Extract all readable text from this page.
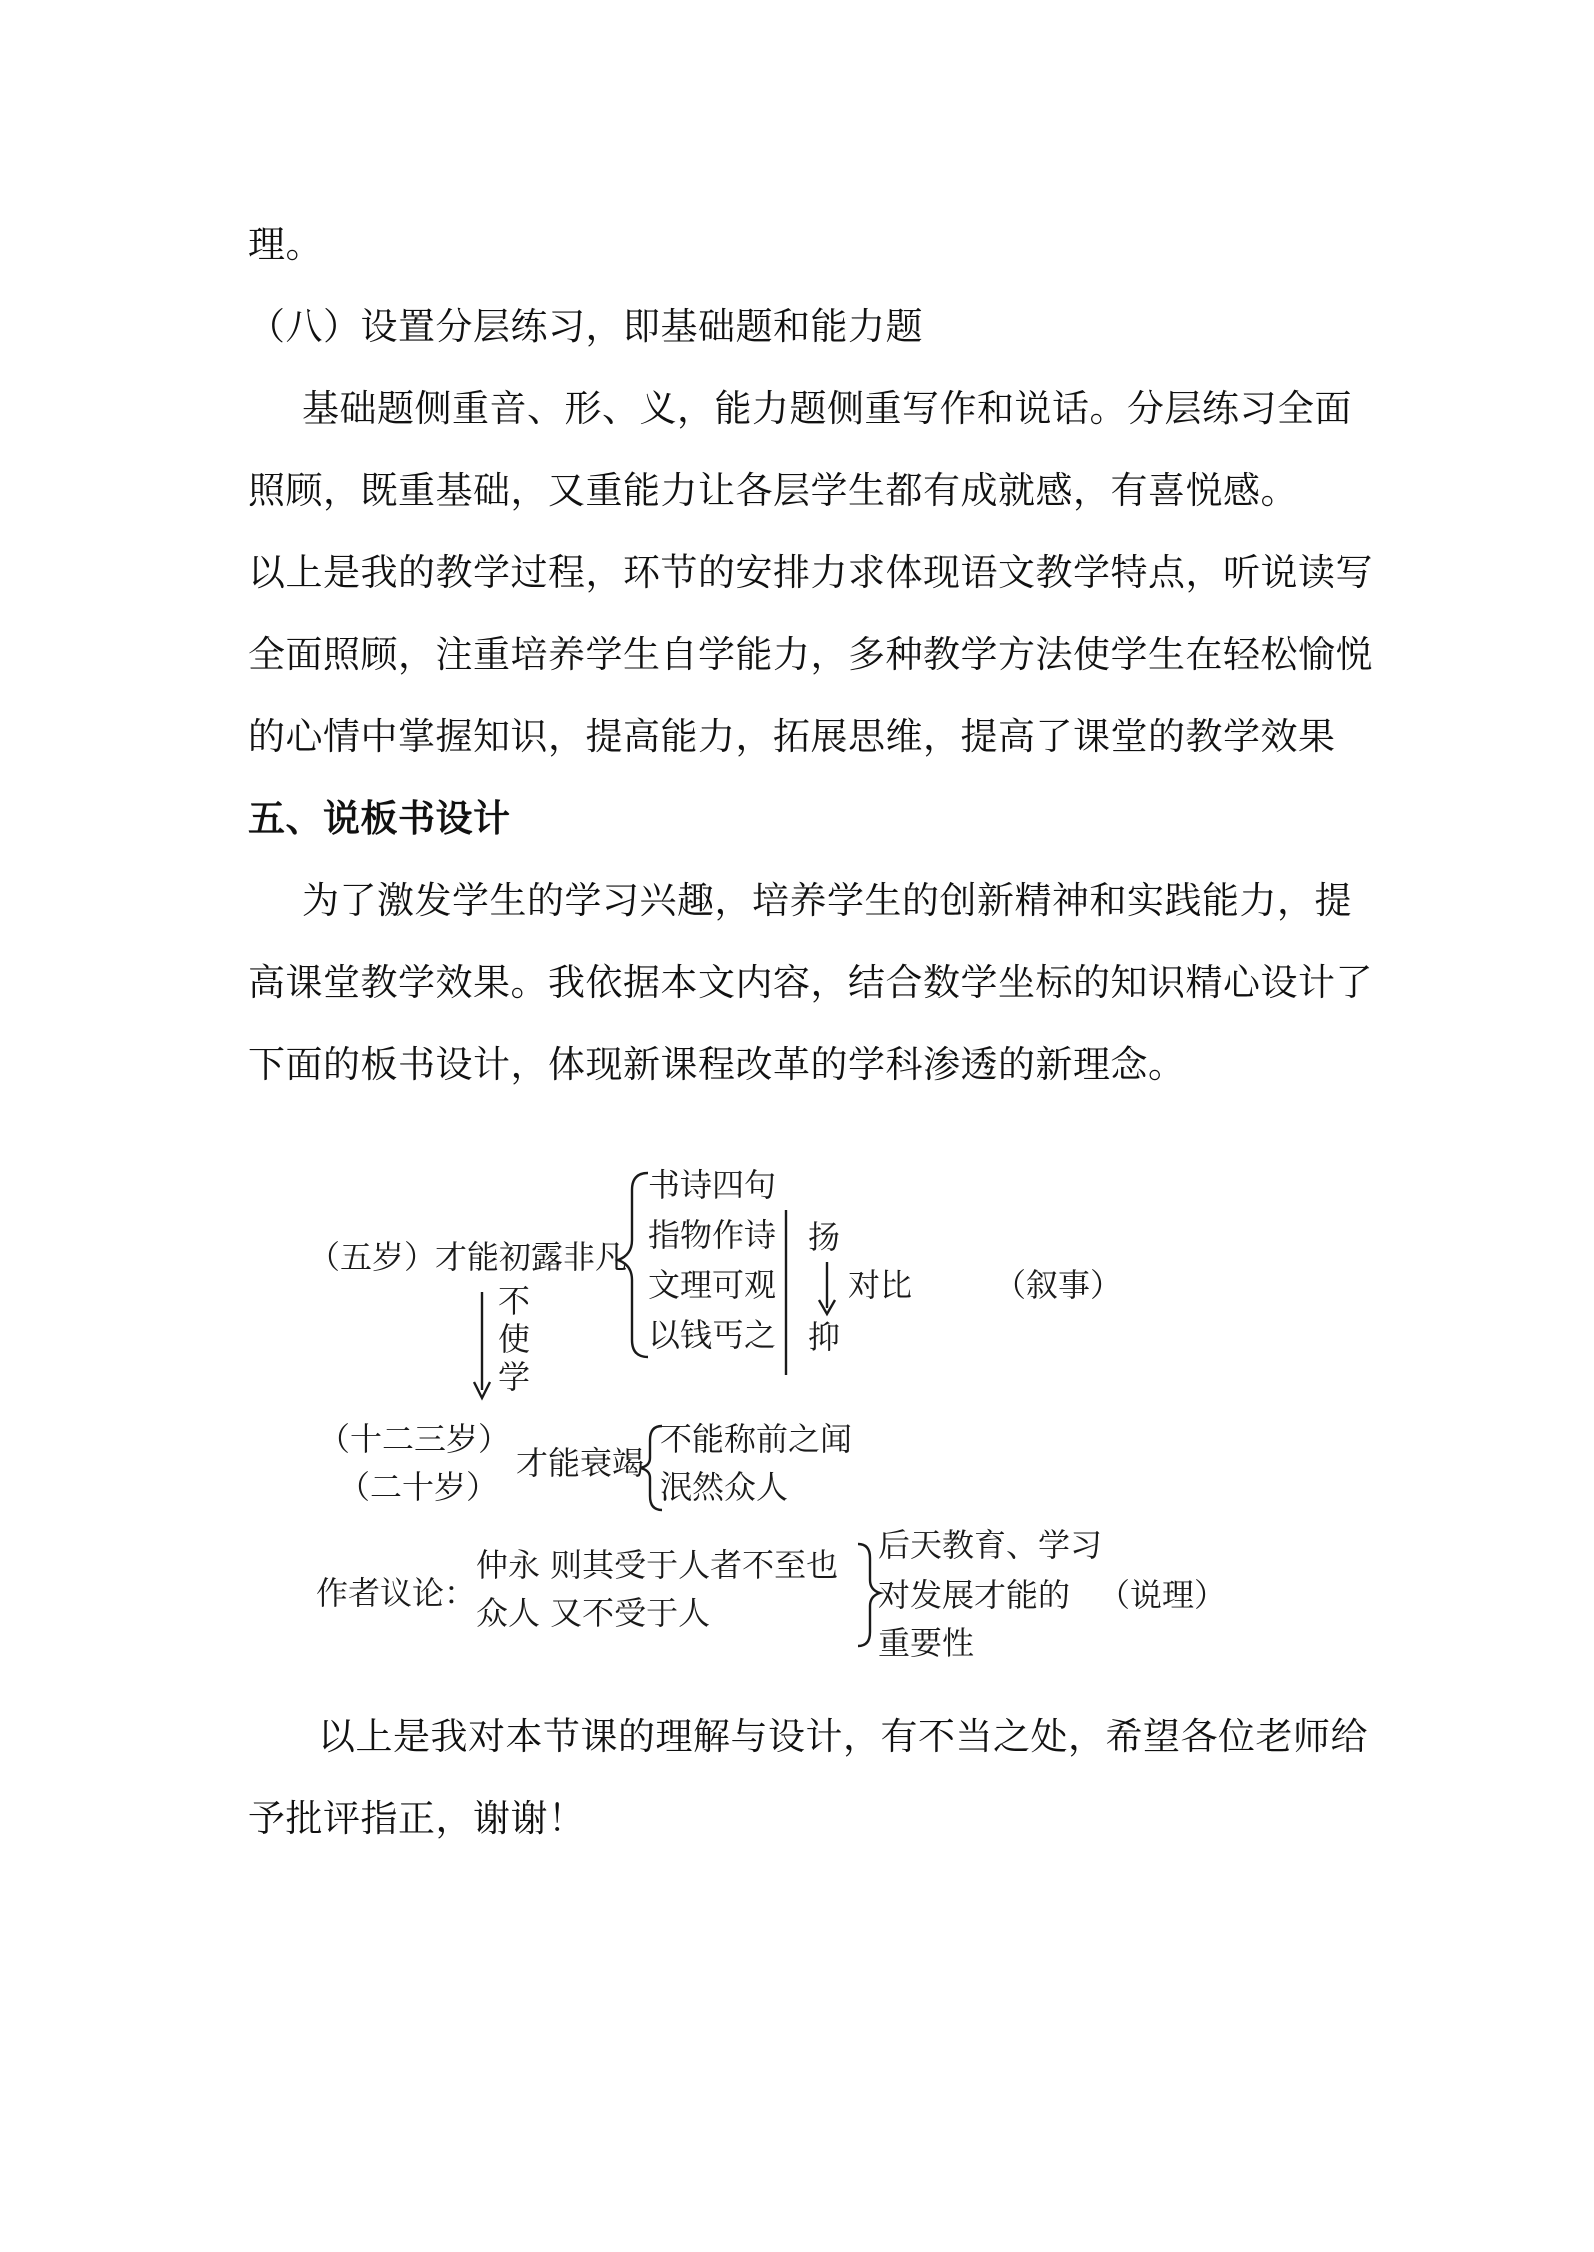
理。

（八）设置分层练习，即基础题和能力题

基础题侧重音、形、义，能力题侧重写作和说话。分层练习全面

照顾，既重基础，又重能力让各层学生都有成就感，有喜悦感。

以上是我的教学过程，环节的安排力求体现语文教学特点，听说读写

全面照顾，注重培养学生自学能力，多种教学方法使学生在轻松愉悦

的心情中掌握知识，提高能力，拓展思维，提高了课堂的教学效果

五、说板书设计

为了激发学生的学习兴趣，培养学生的创新精神和实践能力，提

高课堂教学效果。我依据本文内容，结合数学坐标的知识精心设计了

下面的板书设计，体现新课程改革的学科渗透的新理念。

以上是我对本节课的理解与设计，有不当之处，希望各位老师给

予批评指正，谢谢！

（五岁）
才能初露非凡
书诗四句
指物作诗
文理可观
以钱丐之
扬
对比
抑
（叙事）
不
使
学
（十二三岁）
（二十岁）
才能衰竭
不能称前之闻
泯然众人
作者议论：
仲永 则其受于人者不至也
众人 又不受于人
后天教育、学习
对发展才能的
重要性
（说理）
